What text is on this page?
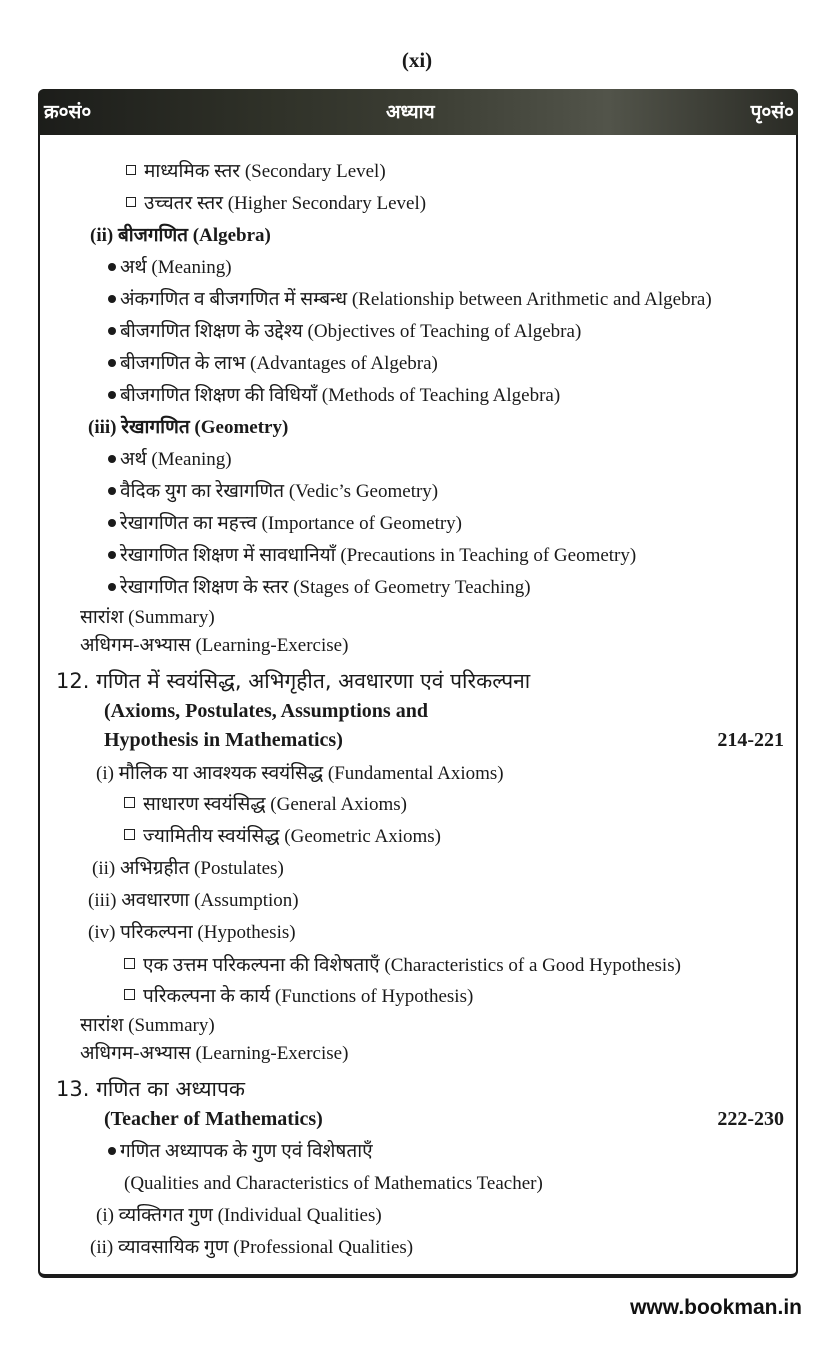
(xi)
क्र०सं०	अध्याय	पृ०सं०
माध्यमिक स्तर (Secondary Level)
उच्चतर स्तर (Higher Secondary Level)
(ii) बीजगणित (Algebra)
अर्थ (Meaning)
अंकगणित व बीजगणित में सम्बन्ध (Relationship between Arithmetic and Algebra)
बीजगणित शिक्षण के उद्देश्य (Objectives of Teaching of Algebra)
बीजगणित के लाभ (Advantages of Algebra)
बीजगणित शिक्षण की विधियाँ (Methods of Teaching Algebra)
(iii) रेखागणित (Geometry)
अर्थ (Meaning)
वैदिक युग का रेखागणित (Vedic’s Geometry)
रेखागणित का महत्त्व (Importance of Geometry)
रेखागणित शिक्षण में सावधानियाँ (Precautions in Teaching of Geometry)
रेखागणित शिक्षण के स्तर (Stages of Geometry Teaching)
सारांश (Summary)
अधिगम-अभ्यास (Learning-Exercise)
12. गणित में स्वयंसिद्ध, अभिगृहीत, अवधारणा एवं परिकल्पना
(Axioms, Postulates, Assumptions and
Hypothesis in Mathematics)	214-221
(i) मौलिक या आवश्यक स्वयंसिद्ध (Fundamental Axioms)
साधारण स्वयंसिद्ध (General Axioms)
ज्यामितीय स्वयंसिद्ध (Geometric Axioms)
(ii) अभिग्रहीत (Postulates)
(iii) अवधारणा (Assumption)
(iv) परिकल्पना (Hypothesis)
एक उत्तम परिकल्पना की विशेषताएँ (Characteristics of a Good Hypothesis)
परिकल्पना के कार्य (Functions of Hypothesis)
सारांश (Summary)
अधिगम-अभ्यास (Learning-Exercise)
13. गणित का अध्यापक
(Teacher of Mathematics)	222-230
गणित अध्यापक के गुण एवं विशेषताएँ
(Qualities and Characteristics of Mathematics Teacher)
(i) व्यक्तिगत गुण (Individual Qualities)
(ii) व्यावसायिक गुण (Professional Qualities)
www.bookman.in
